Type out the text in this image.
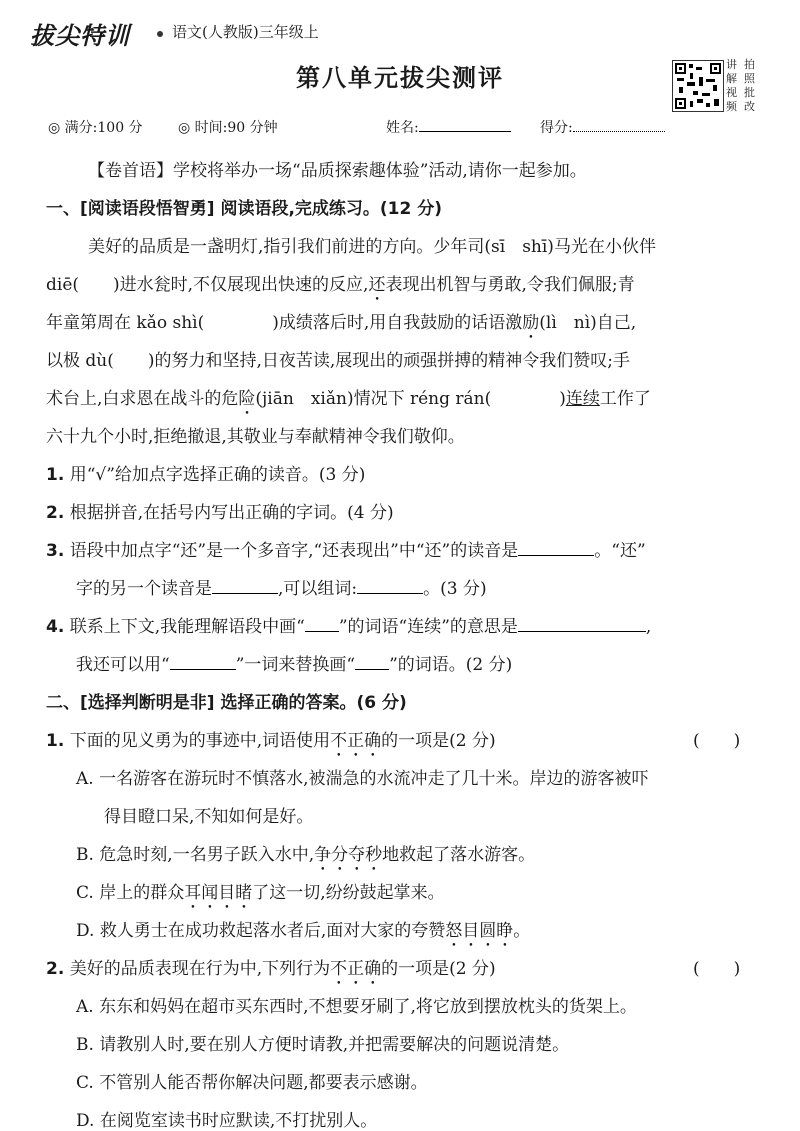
拔尖特训	语文(人教版)三年级上
第八单元拔尖测评	讲 拍
解 照
视 批
频 改
◎ 满分:100 分	◎ 时间:90 分钟	姓名:	得分:
【卷首语】学校将举办一场“品质探索趣体验”活动,请你一起参加。
一、[阅读语段悟智勇] 阅读语段,完成练习。(12 分)
美好的品质是一盏明灯,指引我们前进的方向。少年司(sī　shī)马光在小伙伴
diē(　　)进水瓮时,不仅展现出快速的反应,还表现出机智与勇敢,令我们佩服;青
年童第周在 kǎo shì(　　　　)成绩落后时,用自我鼓励的话语激励(lì　nì)自己,
以极 dù(　　)的努力和坚持,日夜苦读,展现出的顽强拼搏的精神令我们赞叹;手
术台上,白求恩在战斗的危险(jiān　xiǎn)情况下 réng rán(　　　　)连续工作了
六十九个小时,拒绝撤退,其敬业与奉献精神令我们敬仰。
1. 用“√”给加点字选择正确的读音。(3 分)
2. 根据拼音,在括号内写出正确的字词。(4 分)
3. 语段中加点字“还”是一个多音字,“还表现出”中“还”的读音是	。“还”
字的另一个读音是	,可以组词:	。(3 分)
4. 联系上下文,我能理解语段中画“ ”的词语“连续”的意思是	,
我还可以用“	”一词来替换画“ ”的词语。(2 分)
二、[选择判断明是非] 选择正确的答案。(6 分)
1. 下面的见义勇为的事迹中,词语使用不正确的一项是(2 分)	(　　)
A. 一名游客在游玩时不慎落水,被湍急的水流冲走了几十米。岸边的游客被吓
得目瞪口呆,不知如何是好。
B. 危急时刻,一名男子跃入水中,争分夺秒地救起了落水游客。
C. 岸上的群众耳闻目睹了这一切,纷纷鼓起掌来。
D. 救人勇士在成功救起落水者后,面对大家的夸赞怒目圆睁。
2. 美好的品质表现在行为中,下列行为不正确的一项是(2 分)	(　　)
A. 东东和妈妈在超市买东西时,不想要牙刷了,将它放到摆放枕头的货架上。
B. 请教别人时,要在别人方便时请教,并把需要解决的问题说清楚。
C. 不管别人能否帮你解决问题,都要表示感谢。
D. 在阅览室读书时应默读,不打扰别人。
